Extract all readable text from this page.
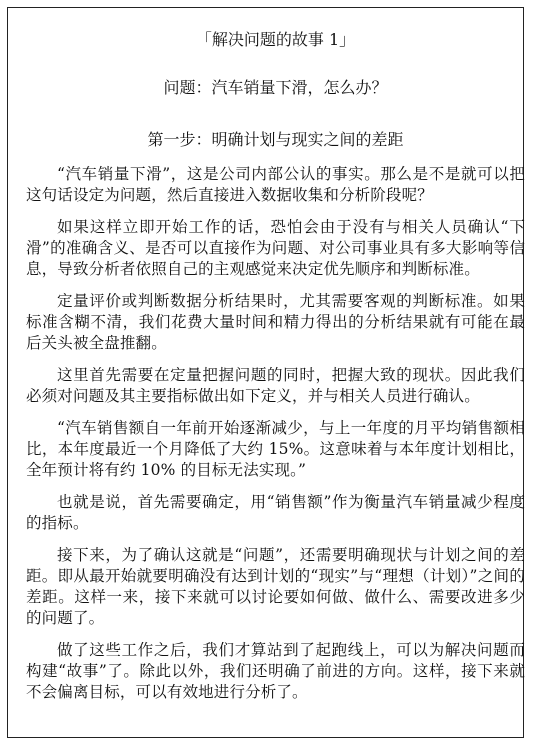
「解决问题的故事 1」

问题：汽车销量下滑，怎么办？

第一步：明确计划与现实之间的差距

“汽车销量下滑”，这是公司内部公认的事实。那么是不是就可以把这句话设定为问题，然后直接进入数据收集和分析阶段呢？

如果这样立即开始工作的话，恐怕会由于没有与相关人员确认“下滑”的准确含义、是否可以直接作为问题、对公司事业具有多大影响等信息，导致分析者依照自己的主观感觉来决定优先顺序和判断标准。

定量评价或判断数据分析结果时，尤其需要客观的判断标准。如果标准含糊不清，我们花费大量时间和精力得出的分析结果就有可能在最后关头被全盘推翻。

这里首先需要在定量把握问题的同时，把握大致的现状。因此我们必须对问题及其主要指标做出如下定义，并与相关人员进行确认。

“汽车销售额自一年前开始逐渐减少，与上一年度的月平均销售额相比，本年度最近一个月降低了大约 15%。这意味着与本年度计划相比，全年预计将有约 10% 的目标无法实现。”

也就是说，首先需要确定，用“销售额”作为衡量汽车销量减少程度的指标。

接下来，为了确认这就是“问题”，还需要明确现状与计划之间的差距。即从最开始就要明确没有达到计划的“现实”与“理想（计划）”之间的差距。这样一来，接下来就可以讨论要如何做、做什么、需要改进多少的问题了。

做了这些工作之后，我们才算站到了起跑线上，可以为解决问题而构建“故事”了。除此以外，我们还明确了前进的方向。这样，接下来就不会偏离目标，可以有效地进行分析了。
